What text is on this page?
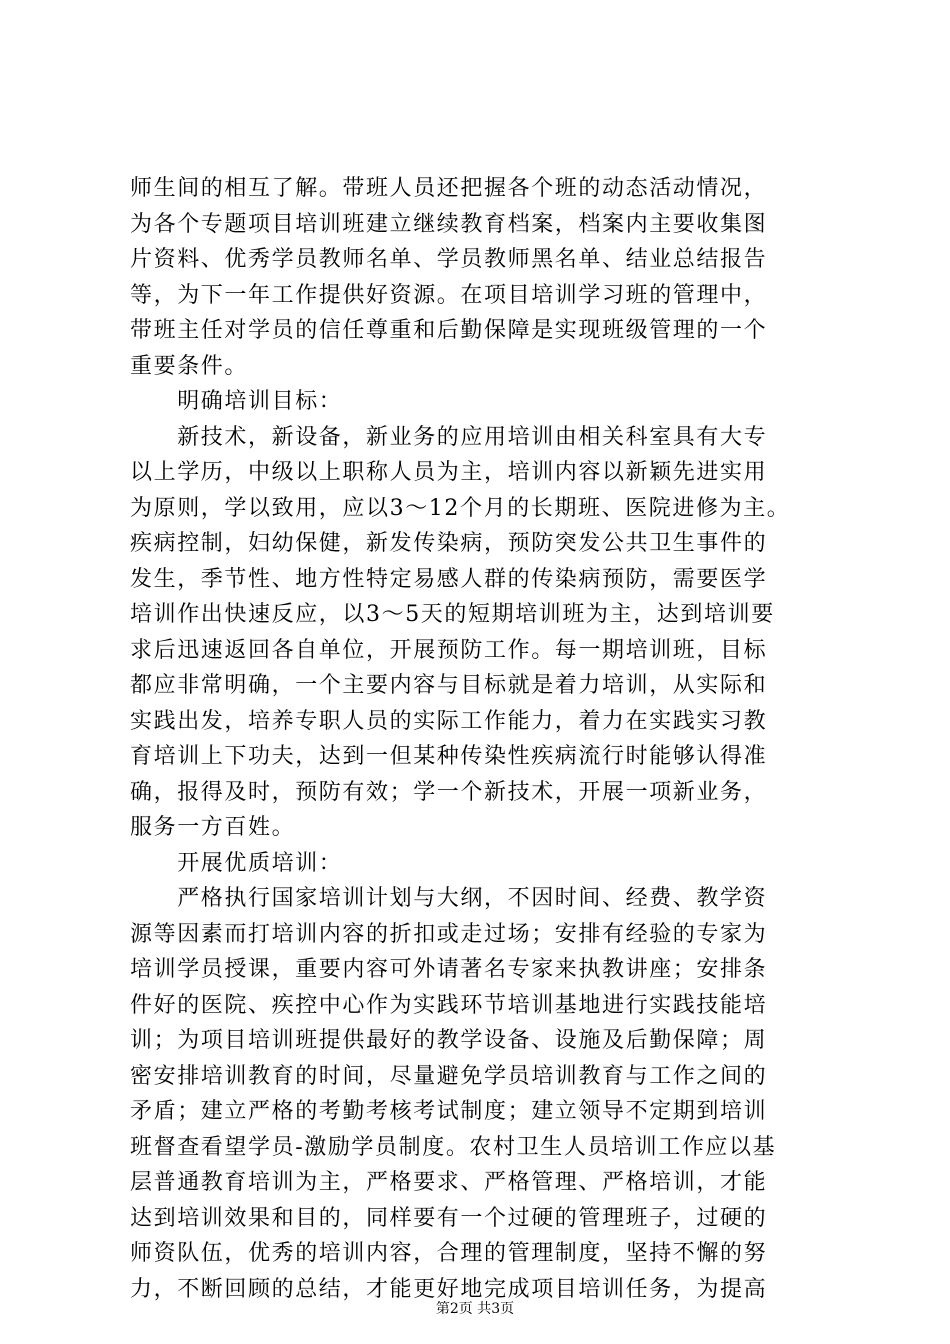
师生间的相互了解。带班人员还把握各个班的动态活动情况，
为各个专题项目培训班建立继续教育档案，档案内主要收集图
片资料、优秀学员教师名单、学员教师黑名单、结业总结报告
等，为下一年工作提供好资源。在项目培训学习班的管理中，
带班主任对学员的信任尊重和后勤保障是实现班级管理的一个
重要条件。
　　明确培训目标：
　　新技术，新设备，新业务的应用培训由相关科室具有大专
以上学历，中级以上职称人员为主，培训内容以新颖先进实用
为原则，学以致用，应以3～12个月的长期班、医院进修为主。
疾病控制，妇幼保健，新发传染病，预防突发公共卫生事件的
发生，季节性、地方性特定易感人群的传染病预防，需要医学
培训作出快速反应，以3～5天的短期培训班为主，达到培训要
求后迅速返回各自单位，开展预防工作。每一期培训班，目标
都应非常明确，一个主要内容与目标就是着力培训，从实际和
实践出发，培养专职人员的实际工作能力，着力在实践实习教
育培训上下功夫，达到一但某种传染性疾病流行时能够认得准
确，报得及时，预防有效；学一个新技术，开展一项新业务，
服务一方百姓。
　　开展优质培训：
　　严格执行国家培训计划与大纲，不因时间、经费、教学资
源等因素而打培训内容的折扣或走过场；安排有经验的专家为
培训学员授课，重要内容可外请著名专家来执教讲座；安排条
件好的医院、疾控中心作为实践环节培训基地进行实践技能培
训；为项目培训班提供最好的教学设备、设施及后勤保障；周
密安排培训教育的时间，尽量避免学员培训教育与工作之间的
矛盾；建立严格的考勤考核考试制度；建立领导不定期到培训
班督查看望学员-激励学员制度。农村卫生人员培训工作应以基
层普通教育培训为主，严格要求、严格管理、严格培训，才能
达到培训效果和目的，同样要有一个过硬的管理班子，过硬的
师资队伍，优秀的培训内容，合理的管理制度，坚持不懈的努
力，不断回顾的总结，才能更好地完成项目培训任务，为提高
第2页 共3页
